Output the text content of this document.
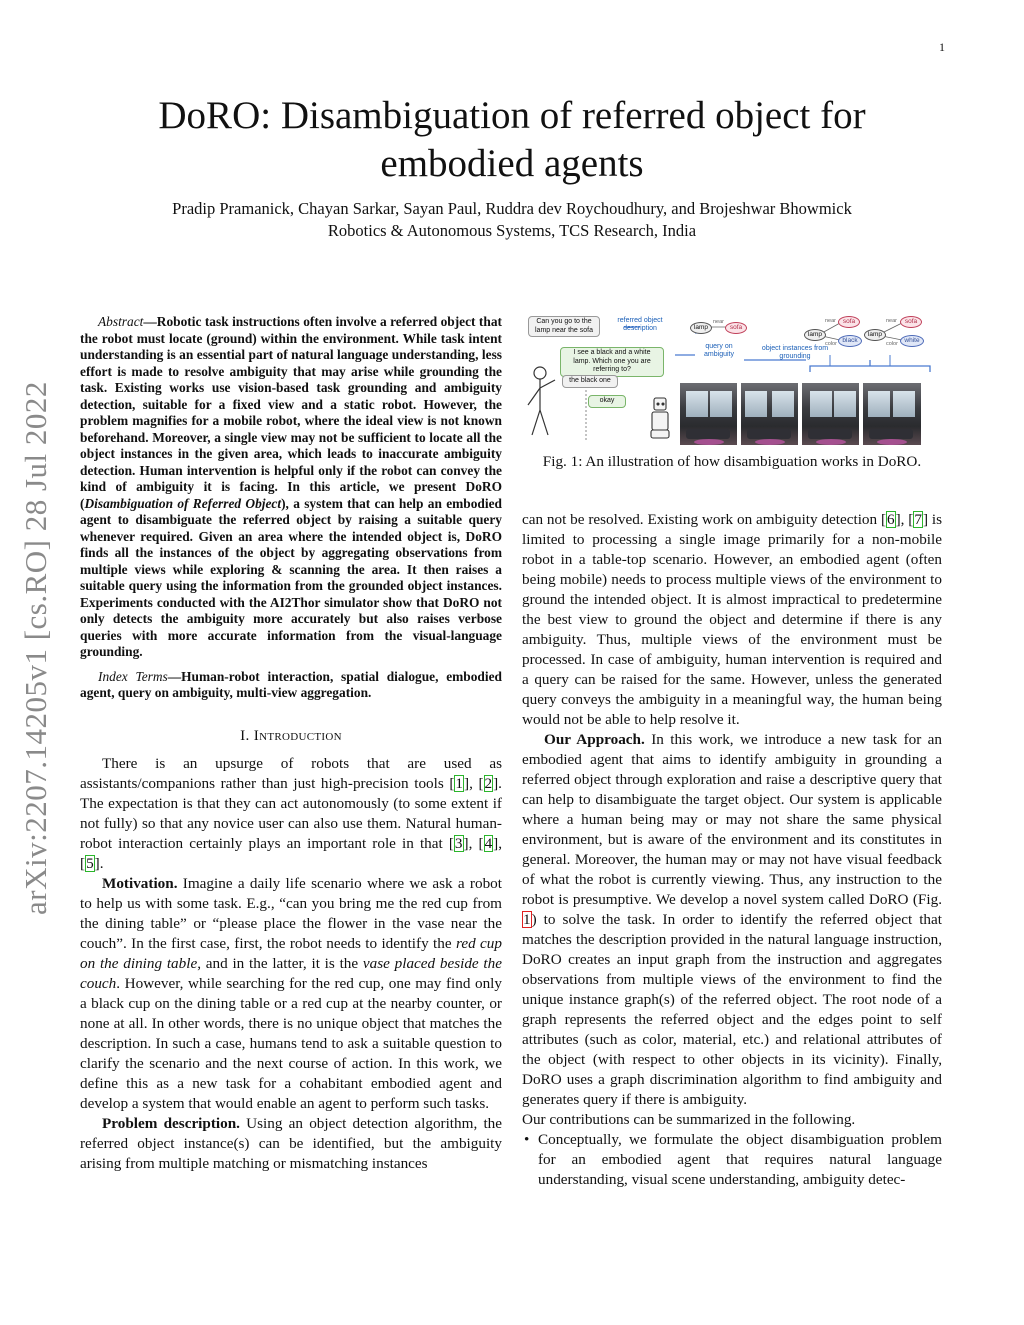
1
arXiv:2207.14205v1 [cs.RO] 28 Jul 2022
DoRO: Disambiguation of referred object for embodied agents
Pradip Pramanick, Chayan Sarkar, Sayan Paul, Ruddra dev Roychoudhury, and Brojeshwar Bhowmick
Robotics & Autonomous Systems, TCS Research, India
Abstract—Robotic task instructions often involve a referred object that the robot must locate (ground) within the environment. While task intent understanding is an essential part of natural language understanding, less effort is made to resolve ambiguity that may arise while grounding the task. Existing works use vision-based task grounding and ambiguity detection, suitable for a fixed view and a static robot. However, the problem magnifies for a mobile robot, where the ideal view is not known beforehand. Moreover, a single view may not be sufficient to locate all the object instances in the given area, which leads to inaccurate ambiguity detection. Human intervention is helpful only if the robot can convey the kind of ambiguity it is facing. In this article, we present DoRO (Disambiguation of Referred Object), a system that can help an embodied agent to disambiguate the referred object by raising a suitable query whenever required. Given an area where the intended object is, DoRO finds all the instances of the object by aggregating observations from multiple views while exploring & scanning the area. It then raises a suitable query using the information from the grounded object instances. Experiments conducted with the AI2Thor simulator show that DoRO not only detects the ambiguity more accurately but also raises verbose queries with more accurate information from the visual-language grounding.
Index Terms—Human-robot interaction, spatial dialogue, embodied agent, query on ambiguity, multi-view aggregation.
I. Introduction

There is an upsurge of robots that are used as assistants/companions rather than just high-precision tools [1], [2]. The expectation is that they can act autonomously (to some extent if not fully) so that any novice user can also use them. Natural human-robot interaction certainly plays an important role in that [3], [4], [5].

Motivation. Imagine a daily life scenario where we ask a robot to help us with some task. E.g., “can you bring me the red cup from the dining table” or “please place the flower in the vase near the couch”. In the first case, first, the robot needs to identify the red cup on the dining table, and in the latter, it is the vase placed beside the couch. However, while searching for the red cup, one may find only a black cup on the dining table or a red cup at the nearby counter, or none at all. In other words, there is no unique object that matches the description. In such a case, humans tend to ask a suitable question to clarify the scenario and the next course of action. In this work, we define this as a new task for a cohabitant embodied agent and develop a system that would enable an agent to perform such tasks.

Problem description. Using an object detection algorithm, the referred object instance(s) can be identified, but the ambiguity arising from multiple matching or mismatching instances

Can you go to the lamp near the sofa
I see a black and a white lamp. Which one you are referring to?
the black one
okay
referred object description
query on ambiguity
object instances from grounding
lamp
near
sofa
lamp
near
color
sofa
black
lamp
near
color
sofa
white
Fig. 1: An illustration of how disambiguation works in DoRO.

can not be resolved. Existing work on ambiguity detection [6], [7] is limited to processing a single image primarily for a non-mobile robot in a table-top scenario. However, an embodied agent (often being mobile) needs to process multiple views of the environment to ground the intended object. It is almost impractical to predetermine the best view to ground the object and determine if there is any ambiguity. Thus, multiple views of the environment must be processed. In case of ambiguity, human intervention is required and a query can be raised for the same. However, unless the generated query conveys the ambiguity in a meaningful way, the human being would not be able to help resolve it.

Our Approach. In this work, we introduce a new task for an embodied agent that aims to identify ambiguity in grounding a referred object through exploration and raise a descriptive query that can help to disambiguate the target object. Our system is applicable where a human being may or may not share the same physical environment, but is aware of the environment and its constitutes in general. Moreover, the human may or may not have visual feedback of what the robot is currently viewing. Thus, any instruction to the robot is presumptive. We develop a novel system called DoRO (Fig. 1) to solve the task. In order to identify the referred object that matches the description provided in the natural language instruction, DoRO creates an input graph from the instruction and aggregates observations from multiple views of the environment to find the unique instance graph(s) of the referred object. The root node of a graph represents the referred object and the edges point to self attributes (such as color, material, etc.) and relational attributes of the object (with respect to other objects in its vicinity). Finally, DoRO uses a graph discrimination algorithm to find ambiguity and generates query if there is ambiguity.

Our contributions can be summarized in the following.

• Conceptually, we formulate the object disambiguation problem for an embodied agent that requires natural language understanding, visual scene understanding, ambiguity detec-
